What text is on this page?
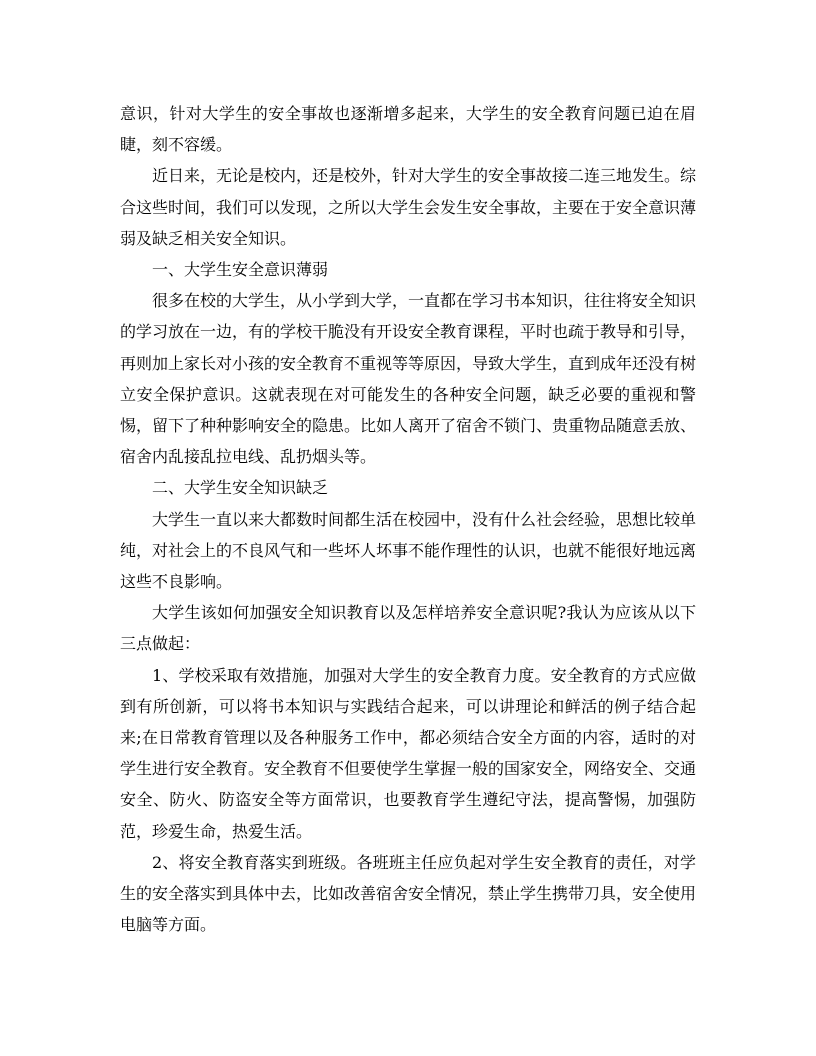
意识，针对大学生的安全事故也逐渐增多起来，大学生的安全教育问题已迫在眉睫，刻不容缓。

近日来，无论是校内，还是校外，针对大学生的安全事故接二连三地发生。综合这些时间，我们可以发现，之所以大学生会发生安全事故，主要在于安全意识薄弱及缺乏相关安全知识。

一、大学生安全意识薄弱

很多在校的大学生，从小学到大学，一直都在学习书本知识，往往将安全知识的学习放在一边，有的学校干脆没有开设安全教育课程，平时也疏于教导和引导，再则加上家长对小孩的安全教育不重视等等原因，导致大学生，直到成年还没有树立安全保护意识。这就表现在对可能发生的各种安全问题，缺乏必要的重视和警惕，留下了种种影响安全的隐患。比如人离开了宿舍不锁门、贵重物品随意丢放、宿舍内乱接乱拉电线、乱扔烟头等。

二、大学生安全知识缺乏

大学生一直以来大都数时间都生活在校园中，没有什么社会经验，思想比较单纯，对社会上的不良风气和一些坏人坏事不能作理性的认识，也就不能很好地远离这些不良影响。

大学生该如何加强安全知识教育以及怎样培养安全意识呢?我认为应该从以下三点做起：

1、学校采取有效措施，加强对大学生的安全教育力度。安全教育的方式应做到有所创新，可以将书本知识与实践结合起来，可以讲理论和鲜活的例子结合起来;在日常教育管理以及各种服务工作中，都必须结合安全方面的内容，适时的对学生进行安全教育。安全教育不但要使学生掌握一般的国家安全，网络安全、交通安全、防火、防盗安全等方面常识，也要教育学生遵纪守法，提高警惕，加强防范，珍爱生命，热爱生活。

2、将安全教育落实到班级。各班班主任应负起对学生安全教育的责任，对学生的安全落实到具体中去，比如改善宿舍安全情况，禁止学生携带刀具，安全使用电脑等方面。
